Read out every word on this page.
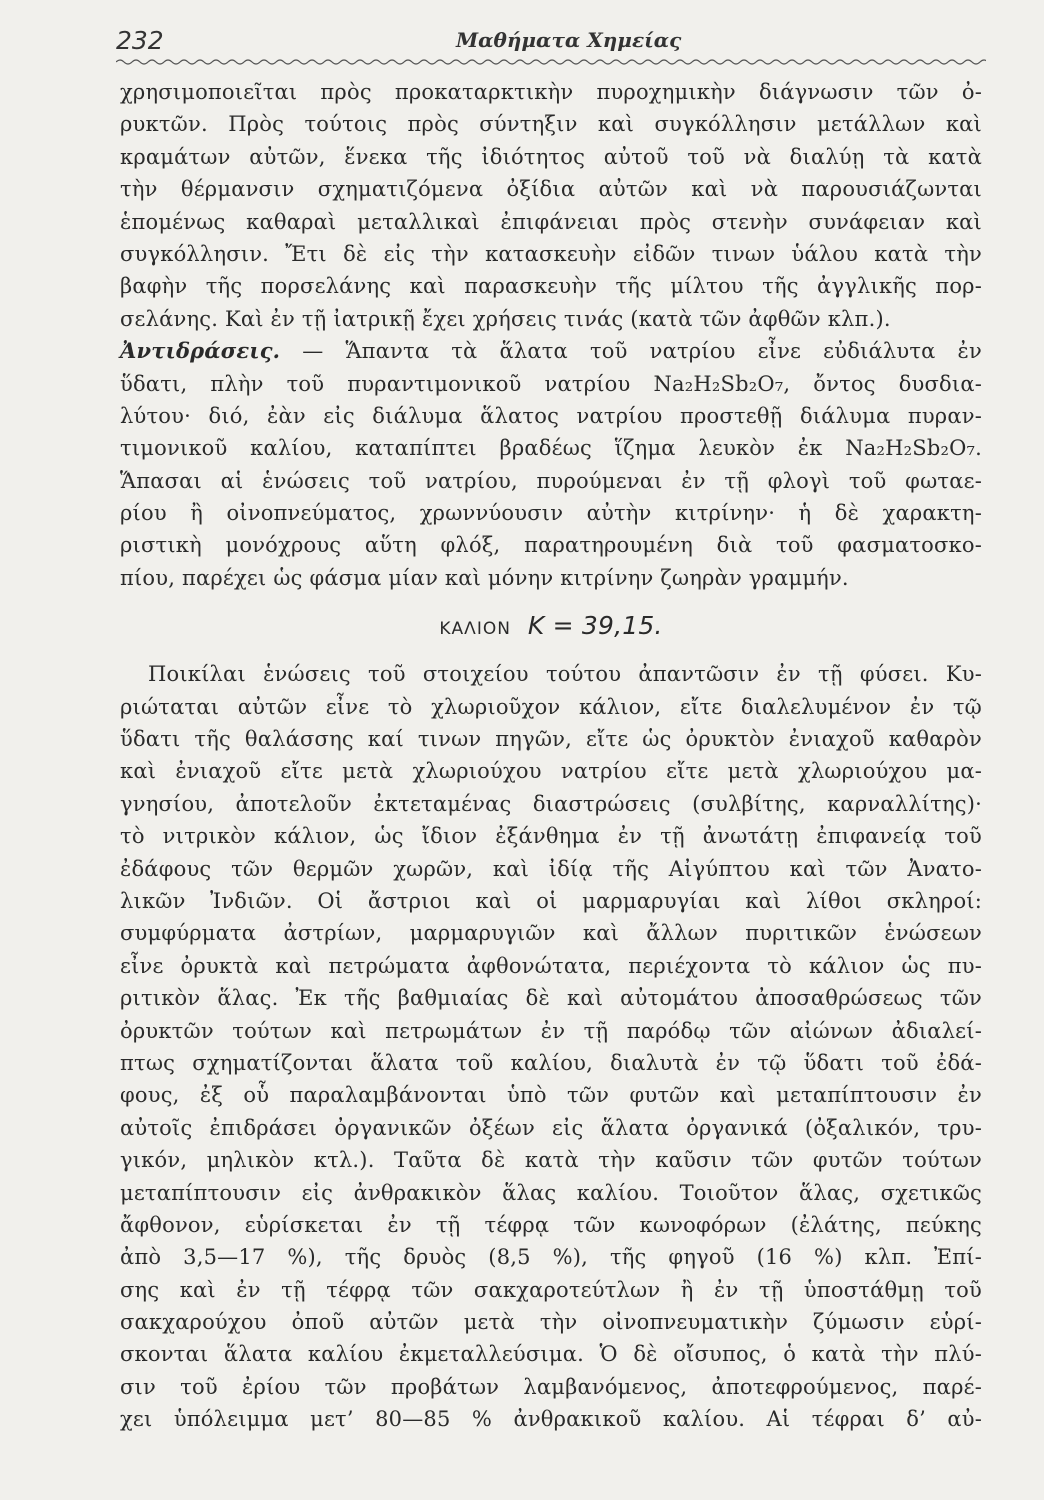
232	Μαθήματα Χημείας
χρησιμοποιεῖται πρὸς προκαταρκτικὴν πυροχημικὴν διάγνωσιν τῶν ὀ-
ρυκτῶν. Πρὸς τούτοις πρὸς σύντηξιν καὶ συγκόλλησιν μετάλλων καὶ
κραμάτων αὐτῶν, ἕνεκα τῆς ἰδιότητος αὐτοῦ τοῦ νὰ διαλύῃ τὰ κατὰ
τὴν θέρμανσιν σχηματιζόμενα ὀξίδια αὐτῶν καὶ νὰ παρουσιάζωνται
ἑπομένως καθαραὶ μεταλλικαὶ ἐπιφάνειαι πρὸς στενὴν συνάφειαν καὶ
συγκόλλησιν. Ἔτι δὲ εἰς τὴν κατασκευὴν εἰδῶν τινων ὑάλου κατὰ τὴν
βαφὴν τῆς πορσελάνης καὶ παρασκευὴν τῆς μίλτου τῆς ἀγγλικῆς πορ-
σελάνης. Καὶ ἐν τῇ ἰατρικῇ ἔχει χρήσεις τινάς (κατὰ τῶν ἀφθῶν κλπ.).
Ἀντιδράσεις. — Ἅπαντα τὰ ἅλατα τοῦ νατρίου εἶνε εὐδιάλυτα ἐν
ὕδατι, πλὴν τοῦ πυραντιμονικοῦ νατρίου Na₂H₂Sb₂O₇, ὄντος δυσδια-
λύτου· διό, ἐὰν εἰς διάλυμα ἅλατος νατρίου προστεθῇ διάλυμα πυραν-
τιμονικοῦ καλίου, καταπίπτει βραδέως ἵζημα λευκὸν ἐκ Na₂H₂Sb₂O₇.
Ἅπασαι αἱ ἑνώσεις τοῦ νατρίου, πυρούμεναι ἐν τῇ φλογὶ τοῦ φωταε-
ρίου ἢ οἰνοπνεύματος, χρωννύουσιν αὐτὴν κιτρίνην· ἡ δὲ χαρακτη-
ριστικὴ μονόχρους αὕτη φλόξ, παρατηρουμένη διὰ τοῦ φασματοσκο-
πίου, παρέχει ὡς φάσμα μίαν καὶ μόνην κιτρίνην ζωηρὰν γραμμήν.
ΚΑΛΙΟΝ K = 39,15.
Ποικίλαι ἑνώσεις τοῦ στοιχείου τούτου ἀπαντῶσιν ἐν τῇ φύσει. Κυ-
ριώταται αὐτῶν εἶνε τὸ χλωριοῦχον κάλιον, εἴτε διαλελυμένον ἐν τῷ
ὕδατι τῆς θαλάσσης καί τινων πηγῶν, εἴτε ὡς ὀρυκτὸν ἐνιαχοῦ καθαρὸν
καὶ ἐνιαχοῦ εἴτε μετὰ χλωριούχου νατρίου εἴτε μετὰ χλωριούχου μα-
γνησίου, ἀποτελοῦν ἐκτεταμένας διαστρώσεις (συλβίτης, καρναλλίτης)·
τὸ νιτρικὸν κάλιον, ὡς ἴδιον ἐξάνθημα ἐν τῇ ἀνωτάτῃ ἐπιφανείᾳ τοῦ
ἐδάφους τῶν θερμῶν χωρῶν, καὶ ἰδίᾳ τῆς Αἰγύπτου καὶ τῶν Ἀνατο-
λικῶν Ἰνδιῶν. Οἱ ἄστριοι καὶ οἱ μαρμαρυγίαι καὶ λίθοι σκληροί:
συμφύρματα ἀστρίων, μαρμαρυγιῶν καὶ ἄλλων πυριτικῶν ἑνώσεων
εἶνε ὀρυκτὰ καὶ πετρώματα ἀφθονώτατα, περιέχοντα τὸ κάλιον ὡς πυ-
ριτικὸν ἅλας. Ἐκ τῆς βαθμιαίας δὲ καὶ αὐτομάτου ἀποσαθρώσεως τῶν
ὀρυκτῶν τούτων καὶ πετρωμάτων ἐν τῇ παρόδῳ τῶν αἰώνων ἀδιαλεί-
πτως σχηματίζονται ἅλατα τοῦ καλίου, διαλυτὰ ἐν τῷ ὕδατι τοῦ ἐδά-
φους, ἐξ οὗ παραλαμβάνονται ὑπὸ τῶν φυτῶν καὶ μεταπίπτουσιν ἐν
αὐτοῖς ἐπιδράσει ὀργανικῶν ὀξέων εἰς ἅλατα ὀργανικά (ὀξαλικόν, τρυ-
γικόν, μηλικὸν κτλ.). Ταῦτα δὲ κατὰ τὴν καῦσιν τῶν φυτῶν τούτων
μεταπίπτουσιν εἰς ἀνθρακικὸν ἅλας καλίου. Τοιοῦτον ἅλας, σχετικῶς
ἄφθονον, εὑρίσκεται ἐν τῇ τέφρᾳ τῶν κωνοφόρων (ἐλάτης, πεύκης
ἀπὸ 3,5—17 %), τῆς δρυὸς (8,5 %), τῆς φηγοῦ (16 %) κλπ. Ἐπί-
σης καὶ ἐν τῇ τέφρᾳ τῶν σακχαροτεύτλων ἢ ἐν τῇ ὑποστάθμῃ τοῦ
σακχαρούχου ὀποῦ αὐτῶν μετὰ τὴν οἰνοπνευματικὴν ζύμωσιν εὑρί-
σκονται ἅλατα καλίου ἐκμεταλλεύσιμα. Ὁ δὲ οἴσυπος, ὁ κατὰ τὴν πλύ-
σιν τοῦ ἐρίου τῶν προβάτων λαμβανόμενος, ἀποτεφρούμενος, παρέ-
χει ὑπόλειμμα μετ’ 80—85 % ἀνθρακικοῦ καλίου. Αἱ τέφραι δ’ αὐ-
